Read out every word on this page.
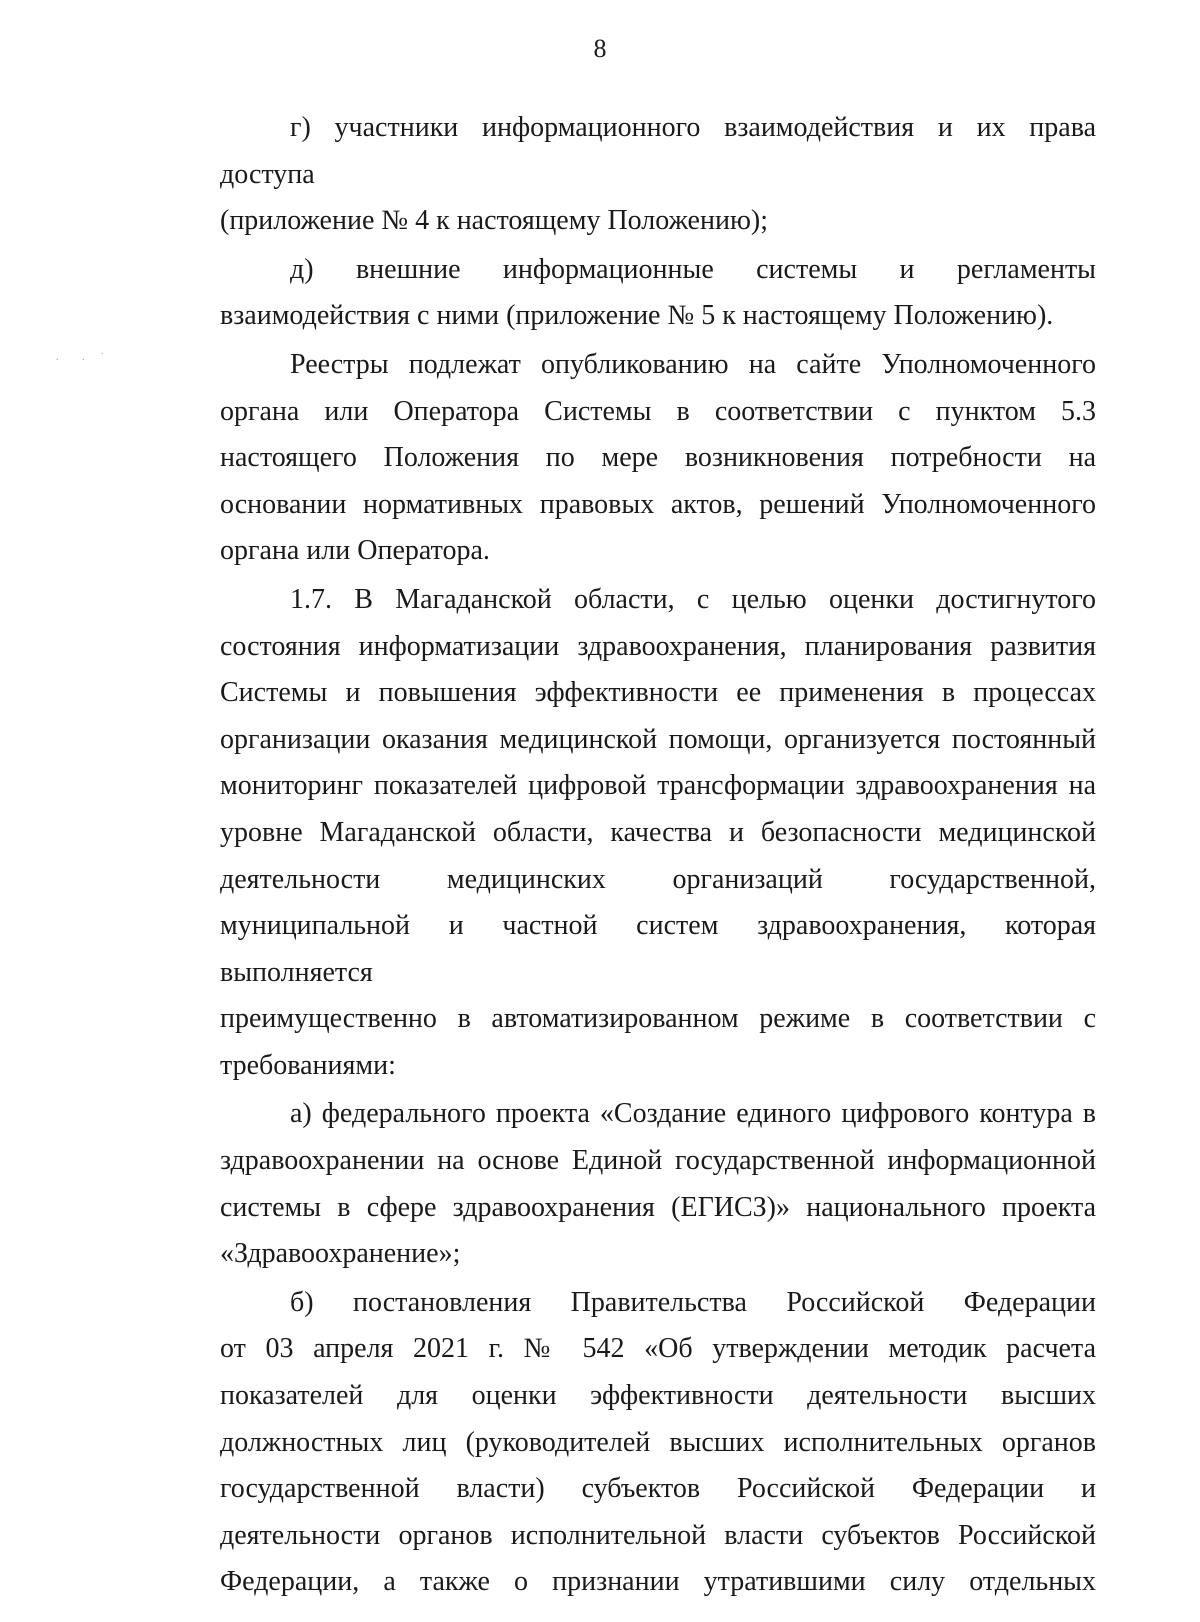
8
. .
.
г) участники информационного взаимодействия и их права доступа
(приложение № 4 к настоящему Положению);
д) внешние информационные системы и регламенты
взаимодействия с ними (приложение № 5 к настоящему Положению).
Реестры подлежат опубликованию на сайте Уполномоченного
органа или Оператора Системы в соответствии с пунктом 5.3
настоящего Положения по мере возникновения потребности на
основании нормативных правовых актов, решений Уполномоченного
органа или Оператора.
1.7. В Магаданской области, с целью оценки достигнутого
состояния информатизации здравоохранения, планирования развития
Системы и повышения эффективности ее применения в процессах
организации оказания медицинской помощи, организуется постоянный
мониторинг показателей цифровой трансформации здравоохранения на
уровне Магаданской области, качества и безопасности медицинской
деятельности медицинских организаций государственной,
муниципальной и частной систем здравоохранения, которая выполняется
преимущественно в автоматизированном режиме в соответствии с
требованиями:
а) федерального проекта «Создание единого цифрового контура в
здравоохранении на основе Единой государственной информационной
системы в сфере здравоохранения (ЕГИСЗ)» национального проекта
«Здравоохранение»;
б) постановления Правительства Российской Федерации
от 03 апреля 2021 г. № 542 «Об утверждении методик расчета
показателей для оценки эффективности деятельности высших
должностных лиц (руководителей высших исполнительных органов
государственной власти) субъектов Российской Федерации и
деятельности органов исполнительной власти субъектов Российской
Федерации, а также о признании утратившими силу отдельных
